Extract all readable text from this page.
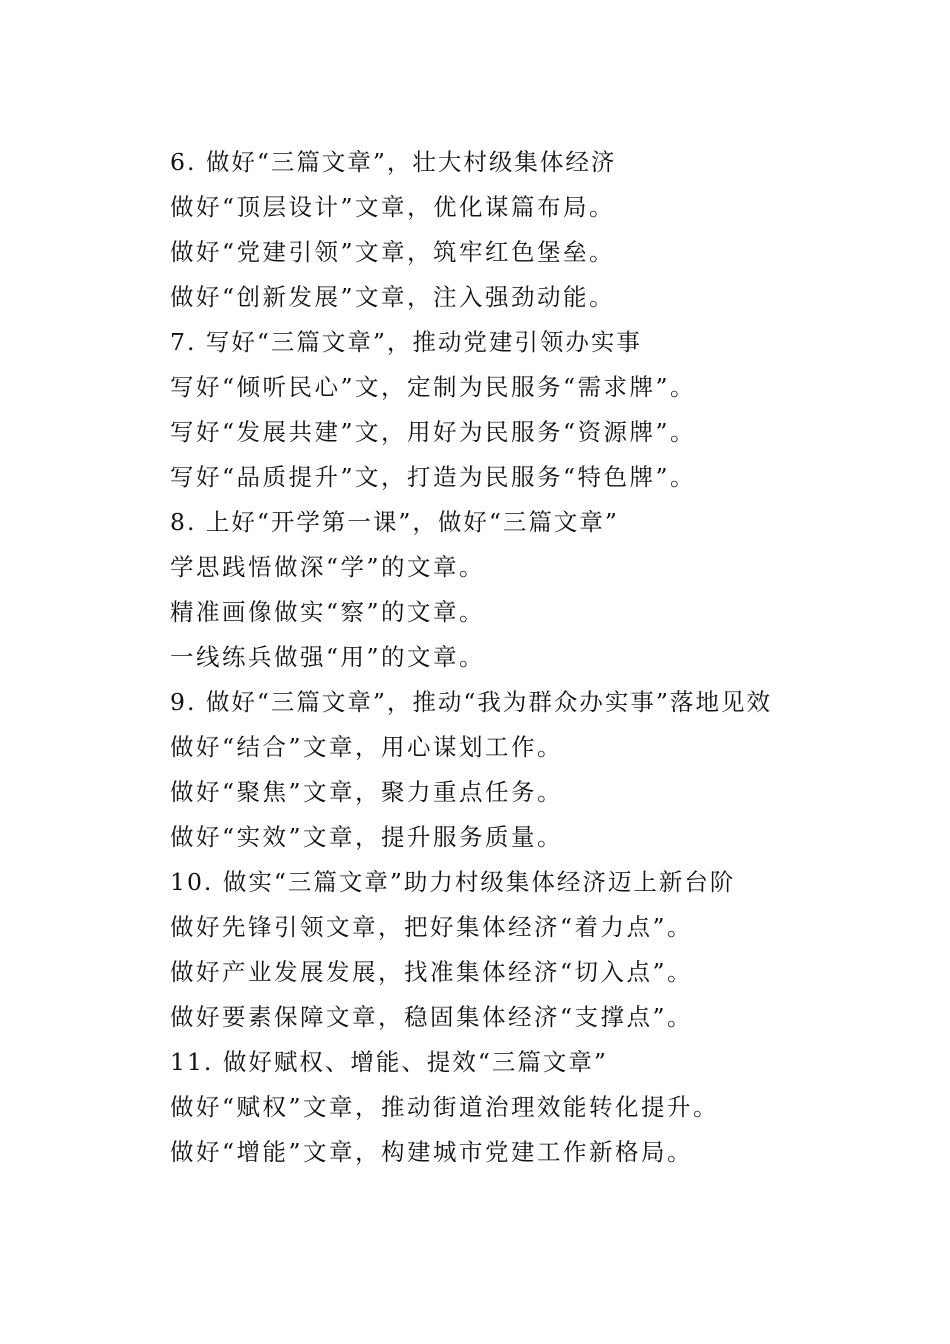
6. 做好“三篇文章”，壮大村级集体经济
做好“顶层设计”文章，优化谋篇布局。
做好“党建引领”文章，筑牢红色堡垒。
做好“创新发展”文章，注入强劲动能。
7. 写好“三篇文章”，推动党建引领办实事
写好“倾听民心”文，定制为民服务“需求牌”。
写好“发展共建”文，用好为民服务“资源牌”。
写好“品质提升”文，打造为民服务“特色牌”。
8. 上好“开学第一课”，做好“三篇文章”
学思践悟做深“学”的文章。
精准画像做实“察”的文章。
一线练兵做强“用”的文章。
9. 做好“三篇文章”，推动“我为群众办实事”落地见效
做好“结合”文章，用心谋划工作。
做好“聚焦”文章，聚力重点任务。
做好“实效”文章，提升服务质量。
10. 做实“三篇文章”助力村级集体经济迈上新台阶
做好先锋引领文章，把好集体经济“着力点”。
做好产业发展发展，找准集体经济“切入点”。
做好要素保障文章，稳固集体经济“支撑点”。
11. 做好赋权、增能、提效“三篇文章”
做好“赋权”文章，推动街道治理效能转化提升。
做好“增能”文章，构建城市党建工作新格局。
